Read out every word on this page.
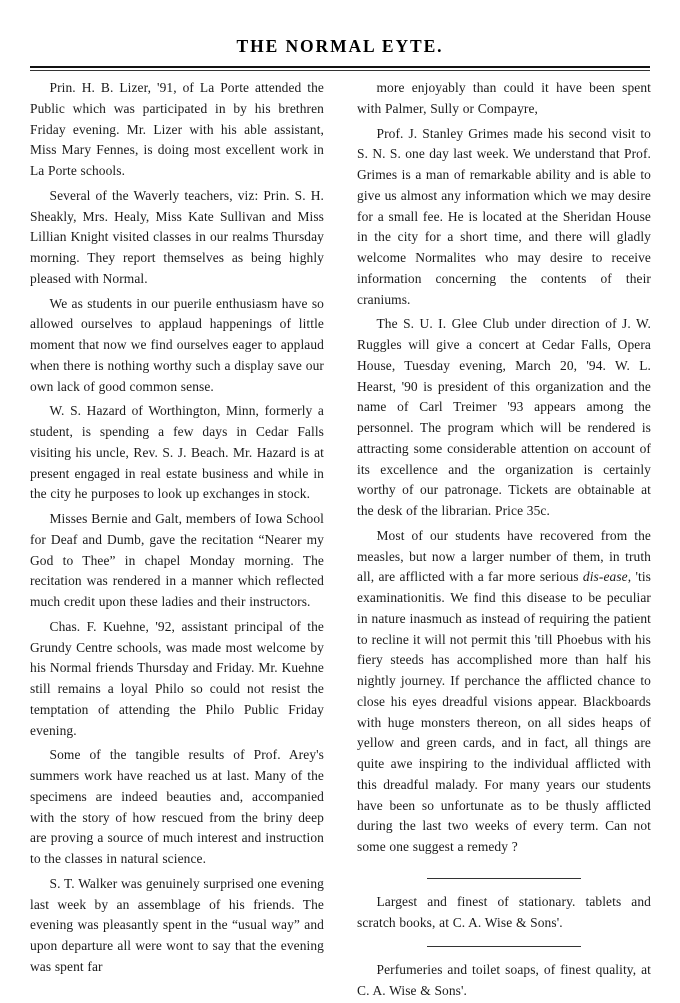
THE NORMAL EYTE.

Prin. H. B. Lizer, '91, of La Porte attended the Public which was participated in by his brethren Friday evening. Mr. Lizer with his able assistant, Miss Mary Fennes, is doing most excellent work in La Porte schools.

Several of the Waverly teachers, viz: Prin. S. H. Sheakly, Mrs. Healy, Miss Kate Sullivan and Miss Lillian Knight visited classes in our realms Thursday morning. They report themselves as being highly pleased with Normal.

We as students in our puerile enthusiasm have so allowed ourselves to applaud happenings of little moment that now we find ourselves eager to applaud when there is nothing worthy such a display save our own lack of good common sense.

W. S. Hazard of Worthington, Minn, formerly a student, is spending a few days in Cedar Falls visiting his uncle, Rev. S. J. Beach. Mr. Hazard is at present engaged in real estate business and while in the city he purposes to look up exchanges in stock.

Misses Bernie and Galt, members of Iowa School for Deaf and Dumb, gave the recitation “Nearer my God to Thee” in chapel Monday morning. The recitation was rendered in a manner which reflected much credit upon these ladies and their instructors.

Chas. F. Kuehne, '92, assistant principal of the Grundy Centre schools, was made most welcome by his Normal friends Thursday and Friday. Mr. Kuehne still remains a loyal Philo so could not resist the temptation of attending the Philo Public Friday evening.

Some of the tangible results of Prof. Arey's summers work have reached us at last. Many of the specimens are indeed beauties and, accompanied with the story of how rescued from the briny deep are proving a source of much interest and instruction to the classes in natural science.

S. T. Walker was genuinely surprised one evening last week by an assemblage of his friends. The evening was pleasantly spent in the “usual way” and upon departure all were wont to say that the evening was spent far

more enjoyably than could it have been spent with Palmer, Sully or Compayre,

Prof. J. Stanley Grimes made his second visit to S. N. S. one day last week. We understand that Prof. Grimes is a man of remarkable ability and is able to give us almost any information which we may desire for a small fee. He is located at the Sheridan House in the city for a short time, and there will gladly welcome Normalites who may desire to receive information concerning the contents of their craniums.

The S. U. I. Glee Club under direction of J. W. Ruggles will give a concert at Cedar Falls, Opera House, Tuesday evening, March 20, '94. W. L. Hearst, '90 is president of this organization and the name of Carl Treimer '93 appears among the personnel. The program which will be rendered is attracting some considerable attention on account of its excellence and the organization is certainly worthy of our patronage. Tickets are obtainable at the desk of the librarian. Price 35c.

Most of our students have recovered from the measles, but now a larger number of them, in truth all, are afflicted with a far more serious dis-ease, 'tis examinationitis. We find this disease to be peculiar in nature inasmuch as instead of requiring the patient to recline it will not permit this 'till Phoebus with his fiery steeds has accomplished more than half his nightly journey. If perchance the afflicted chance to close his eyes dreadful visions appear. Blackboards with huge monsters thereon, on all sides heaps of yellow and green cards, and in fact, all things are quite awe inspiring to the individual afflicted with this dreadful malady. For many years our students have been so unfortunate as to be thusly afflicted during the last two weeks of every term. Can not some one suggest a remedy ?

Largest and finest of stationary. tablets and scratch books, at C. A. Wise & Sons'.

Perfumeries and toilet soaps, of finest quality, at C. A. Wise & Sons'.
